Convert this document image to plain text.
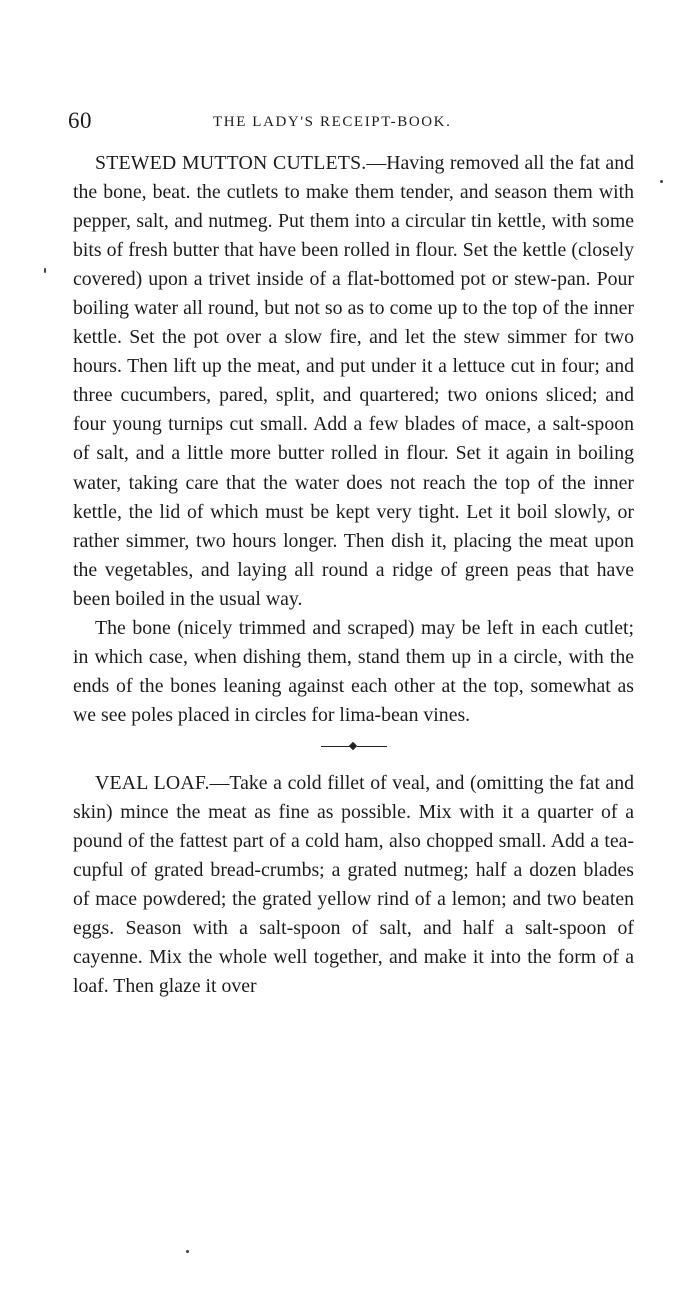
60	THE LADY'S RECEIPT-BOOK.

STEWED MUTTON CUTLETS.—Having removed all the fat and the bone, beat. the cutlets to make them tender, and season them with pepper, salt, and nutmeg. Put them into a circular tin kettle, with some bits of fresh butter that have been rolled in flour. Set the kettle (closely covered) upon a trivet inside of a flat-bottomed pot or stew-pan. Pour boiling water all round, but not so as to come up to the top of the inner kettle. Set the pot over a slow fire, and let the stew simmer for two hours. Then lift up the meat, and put under it a lettuce cut in four; and three cucumbers, pared, split, and quartered; two onions sliced; and four young turnips cut small. Add a few blades of mace, a salt-spoon of salt, and a little more butter rolled in flour. Set it again in boiling water, taking care that the water does not reach the top of the inner kettle, the lid of which must be kept very tight. Let it boil slowly, or rather simmer, two hours longer. Then dish it, placing the meat upon the vegetables, and laying all round a ridge of green peas that have been boiled in the usual way.

The bone (nicely trimmed and scraped) may be left in each cutlet; in which case, when dishing them, stand them up in a circle, with the ends of the bones leaning against each other at the top, somewhat as we see poles placed in circles for lima-bean vines.

VEAL LOAF.—Take a cold fillet of veal, and (omitting the fat and skin) mince the meat as fine as possible. Mix with it a quarter of a pound of the fattest part of a cold ham, also chopped small. Add a tea-cupful of grated bread-crumbs; a grated nutmeg; half a dozen blades of mace powdered; the grated yellow rind of a lemon; and two beaten eggs. Season with a salt-spoon of salt, and half a salt-spoon of cayenne. Mix the whole well together, and make it into the form of a loaf. Then glaze it over
